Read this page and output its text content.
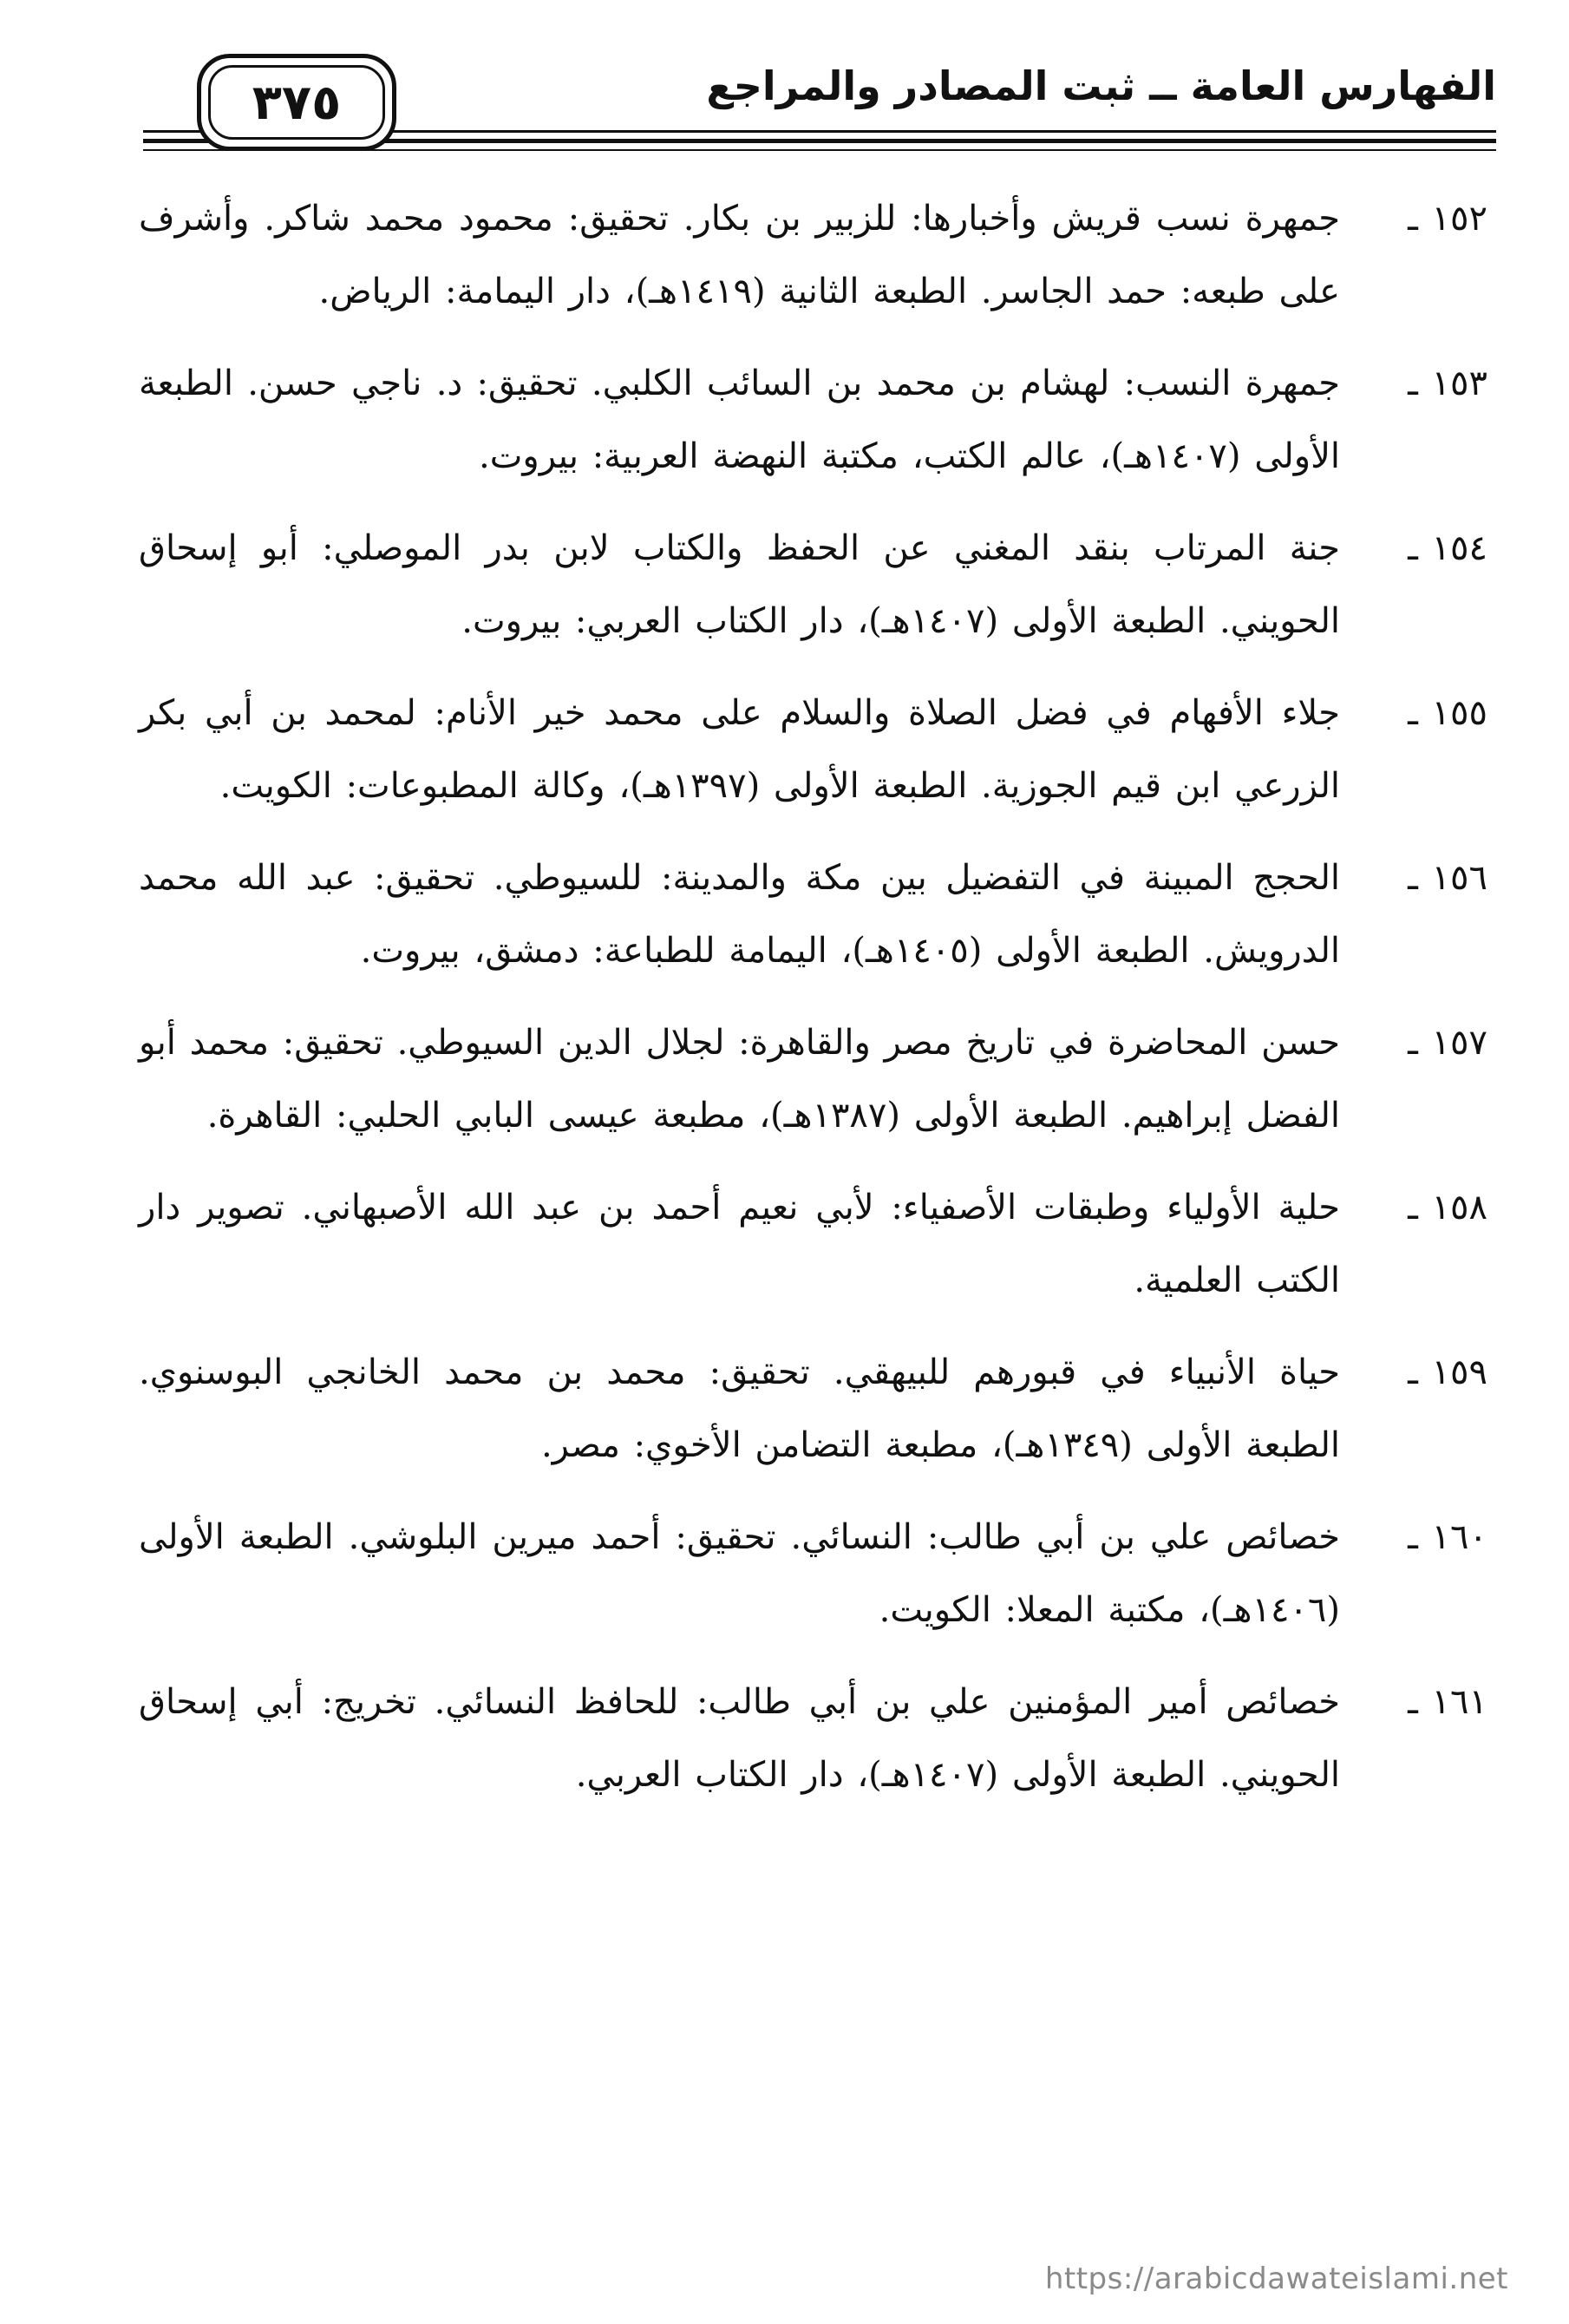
الفهارس العامة ــ ثبت المصادر والمراجع
٣٧٥
١٥٢ ـ
جمهرة نسب قريش وأخبارها: للزبير بن بكار. تحقيق: محمود محمد شاكر. وأشرف على طبعه: حمد الجاسر. الطبعة الثانية (١٤١٩هـ)، دار اليمامة: الرياض.
١٥٣ ـ
جمهرة النسب: لهشام بن محمد بن السائب الكلبي. تحقيق: د. ناجي حسن. الطبعة الأولى (١٤٠٧هـ)، عالم الكتب، مكتبة النهضة العربية: بيروت.
١٥٤ ـ
جنة المرتاب بنقد المغني عن الحفظ والكتاب لابن بدر الموصلي: أبو إسحاق الحويني. الطبعة الأولى (١٤٠٧هـ)، دار الكتاب العربي: بيروت.
١٥٥ ـ
جلاء الأفهام في فضل الصلاة والسلام على محمد خير الأنام: لمحمد بن أبي بكر الزرعي ابن قيم الجوزية. الطبعة الأولى (١٣٩٧هـ)، وكالة المطبوعات: الكويت.
١٥٦ ـ
الحجج المبينة في التفضيل بين مكة والمدينة: للسيوطي. تحقيق: عبد الله محمد الدرويش. الطبعة الأولى (١٤٠٥هـ)، اليمامة للطباعة: دمشق، بيروت.
١٥٧ ـ
حسن المحاضرة في تاريخ مصر والقاهرة: لجلال الدين السيوطي. تحقيق: محمد أبو الفضل إبراهيم. الطبعة الأولى (١٣٨٧هـ)، مطبعة عيسى البابي الحلبي: القاهرة.
١٥٨ ـ
حلية الأولياء وطبقات الأصفياء: لأبي نعيم أحمد بن عبد الله الأصبهاني. تصوير دار الكتب العلمية.
١٥٩ ـ
حياة الأنبياء في قبورهم للبيهقي. تحقيق: محمد بن محمد الخانجي البوسنوي. الطبعة الأولى (١٣٤٩هـ)، مطبعة التضامن الأخوي: مصر.
١٦٠ ـ
خصائص علي بن أبي طالب: النسائي. تحقيق: أحمد ميرين البلوشي. الطبعة الأولى (١٤٠٦هـ)، مكتبة المعلا: الكويت.
١٦١ ـ
خصائص أمير المؤمنين علي بن أبي طالب: للحافظ النسائي. تخريج: أبي إسحاق الحويني. الطبعة الأولى (١٤٠٧هـ)، دار الكتاب العربي.
https://arabicdawateislami.net
